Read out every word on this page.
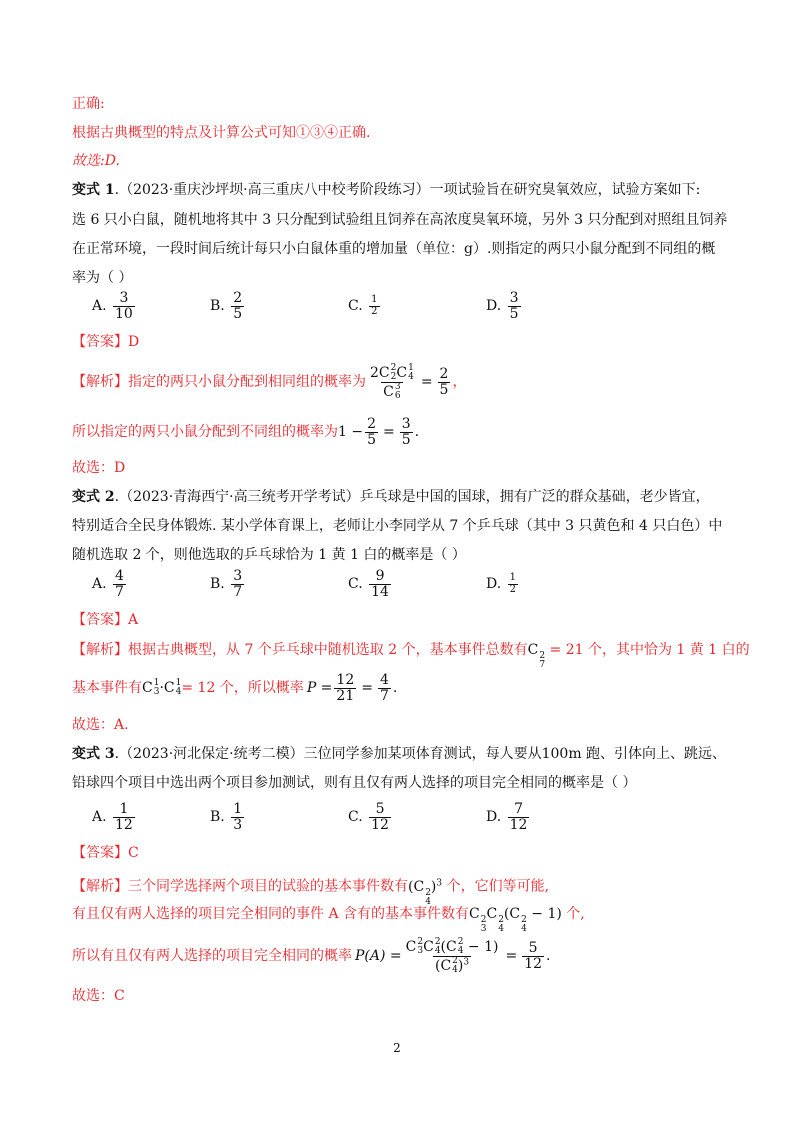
正确:
根据古典概型的特点及计算公式可知①③④正确.
故选:D.
变式 1.（2023·重庆沙坪坝·高三重庆八中校考阶段练习）一项试验旨在研究臭氧效应，试验方案如下:
选 6 只小白鼠，随机地将其中 3 只分配到试验组且饲养在高浓度臭氧环境，另外 3 只分配到对照组且饲养
在正常环境，一段时间后统计每只小白鼠体重的增加量（单位：g）.则指定的两只小鼠分配到不同组的概
率为（ ）
A.
$\frac{3}{10}$	B.
$\frac{2}{5}$	C.
$\frac{1}{2}$	D.
$\frac{3}{5}$
【答案】D
【解析】 指定的两只小鼠分配到相同组的概率为 2C 2
2 C 1
4
C 3
$6 = \frac{2}{5}$ ，
所以指定的两只小鼠分配到不同组的概率为 $1 - \frac{2}{5} = \frac{3}{5}$ .
故选：D
变式 2.（2023·青海西宁·高三统考开学考试）乒乓球是中国的国球，拥有广泛的群众基础，老少皆宜，
特别适合全民身体锻炼. 某小学体育课上，老师让小李同学从 7 个乒乓球（其中 3 只黄色和 4 只白色）中
随机选取 2 个，则他选取的乒乓球恰为 1 黄 1 白的概率是（ ）
A.
$\frac{4}{7}$	B.
$\frac{3}{7}$	C.
$\frac{9}{14}$	D.
$\frac{1}{2}$
【答案】A
【解析】根据古典概型，从 7 个乒乓球中随机选取 2 个，基本事件总数有C 2
7
= 21 个，其中恰为 1 黄 1 白的
基本事件有 C 1
3 ·C 1
4 = 12 个，所以概率 $P = \frac{12}{21} = \frac{4}{7}$ .
故选：A.
变式 3.（2023·河北保定·统考二模）三位同学参加某项体育测试，每人要从100m 跑、引体向上、跳远、
铅球四个项目中选出两个项目参加测试，则有且仅有两人选择的项目完全相同的概率是（ ）
A.
$\frac{1}{12}$	B.
$\frac{1}{3}$	C.
$\frac{5}{12}$	D.
$\frac{7}{12}$
【答案】C
【解析】三个同学选择两个项目的试验的基本事件数有(C 2
4
)$^3$ 个，它们等可能,
有且仅有两人选择的项目完全相同的事件 A 含有的基本事件数有C 2
3
C 2
4
(C 2
4
− 1) 个,
所以有且仅有两人选择的项目完全相同的概率 P(A) = C 2
3 C 2
4 (C 2
4 − 1)
(C 2
4 )$^3 = \frac{5}{12}$ .
故选：C
2
